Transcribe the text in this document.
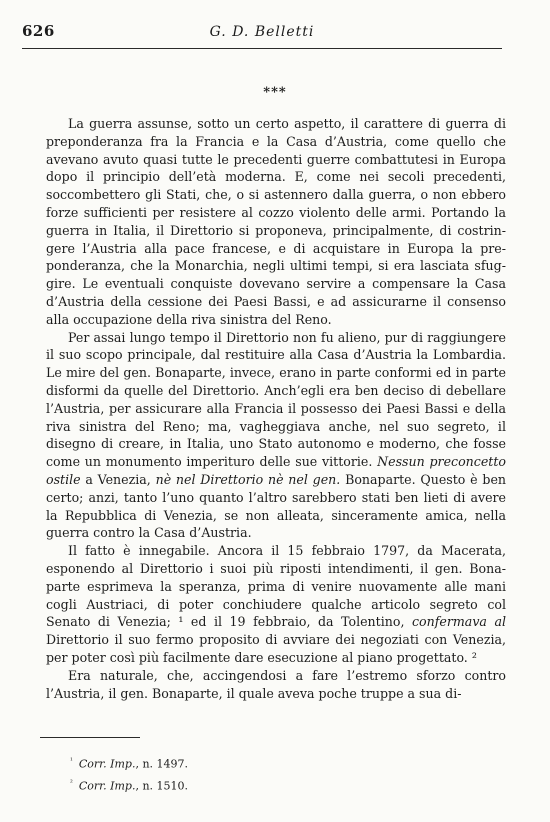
626	G. D. Belletti
***

La guerra assunse, sotto un certo aspetto, il carattere di guerra di preponderanza fra la Francia e la Casa d’Austria, come quello che avevano avuto quasi tutte le precedenti guerre combattutesi in Europa dopo il principio dell’età moderna. E, come nei secoli precedenti, soccombettero gli Stati, che, o si astennero dalla guerra, o non ebbero forze sufficienti per resistere al cozzo violento delle armi. Portando la guerra in Italia, il Direttorio si proponeva, principalmente, di costringere l’Austria alla pace francese, e di acquistare in Europa la preponderanza, che la Monarchia, negli ultimi tempi, si era lasciata sfuggire. Le eventuali conquiste dovevano servire a compensare la Casa d’Austria della cessione dei Paesi Bassi, e ad assicurarne il consenso alla occupazione della riva sinistra del Reno.

Per assai lungo tempo il Direttorio non fu alieno, pur di raggiungere il suo scopo principale, dal restituire alla Casa d’Austria la Lombardia. Le mire del gen. Bonaparte, invece, erano in parte conformi ed in parte disformi da quelle del Direttorio. Anch’egli era ben deciso di debellare l’Austria, per assicurare alla Francia il possesso dei Paesi Bassi e della riva sinistra del Reno; ma, vagheggiava anche, nel suo segreto, il disegno di creare, in Italia, uno Stato autonomo e moderno, che fosse come un monumento imperituro delle sue vittorie. Nessun preconcetto ostile a Venezia, nè nel Direttorio nè nel gen. Bonaparte. Questo è ben certo; anzi, tanto l’uno quanto l’altro sarebbero stati ben lieti di avere la Repubblica di Venezia, se non alleata, sinceramente amica, nella guerra contro la Casa d’Austria.

Il fatto è innegabile. Ancora il 15 febbraio 1797, da Macerata, esponendo al Direttorio i suoi più riposti intendimenti, il gen. Bonaparte esprimeva la speranza, prima di venire nuovamente alle mani cogli Austriaci, di poter conchiudere qualche articolo segreto col Senato di Venezia; ¹ ed il 19 febbraio, da Tolentino, confermava al Direttorio il suo fermo proposito di avviare dei negoziati con Venezia, per poter così più facilmente dare esecuzione al piano progettato. ²

Era naturale, che, accingendosi a fare l’estremo sforzo contro l’Austria, il gen. Bonaparte, il quale aveva poche truppe a sua di-

$^{^1}$ Corr. Imp., n. 1497.
$^{^2}$ Corr. Imp., n. 1510.
